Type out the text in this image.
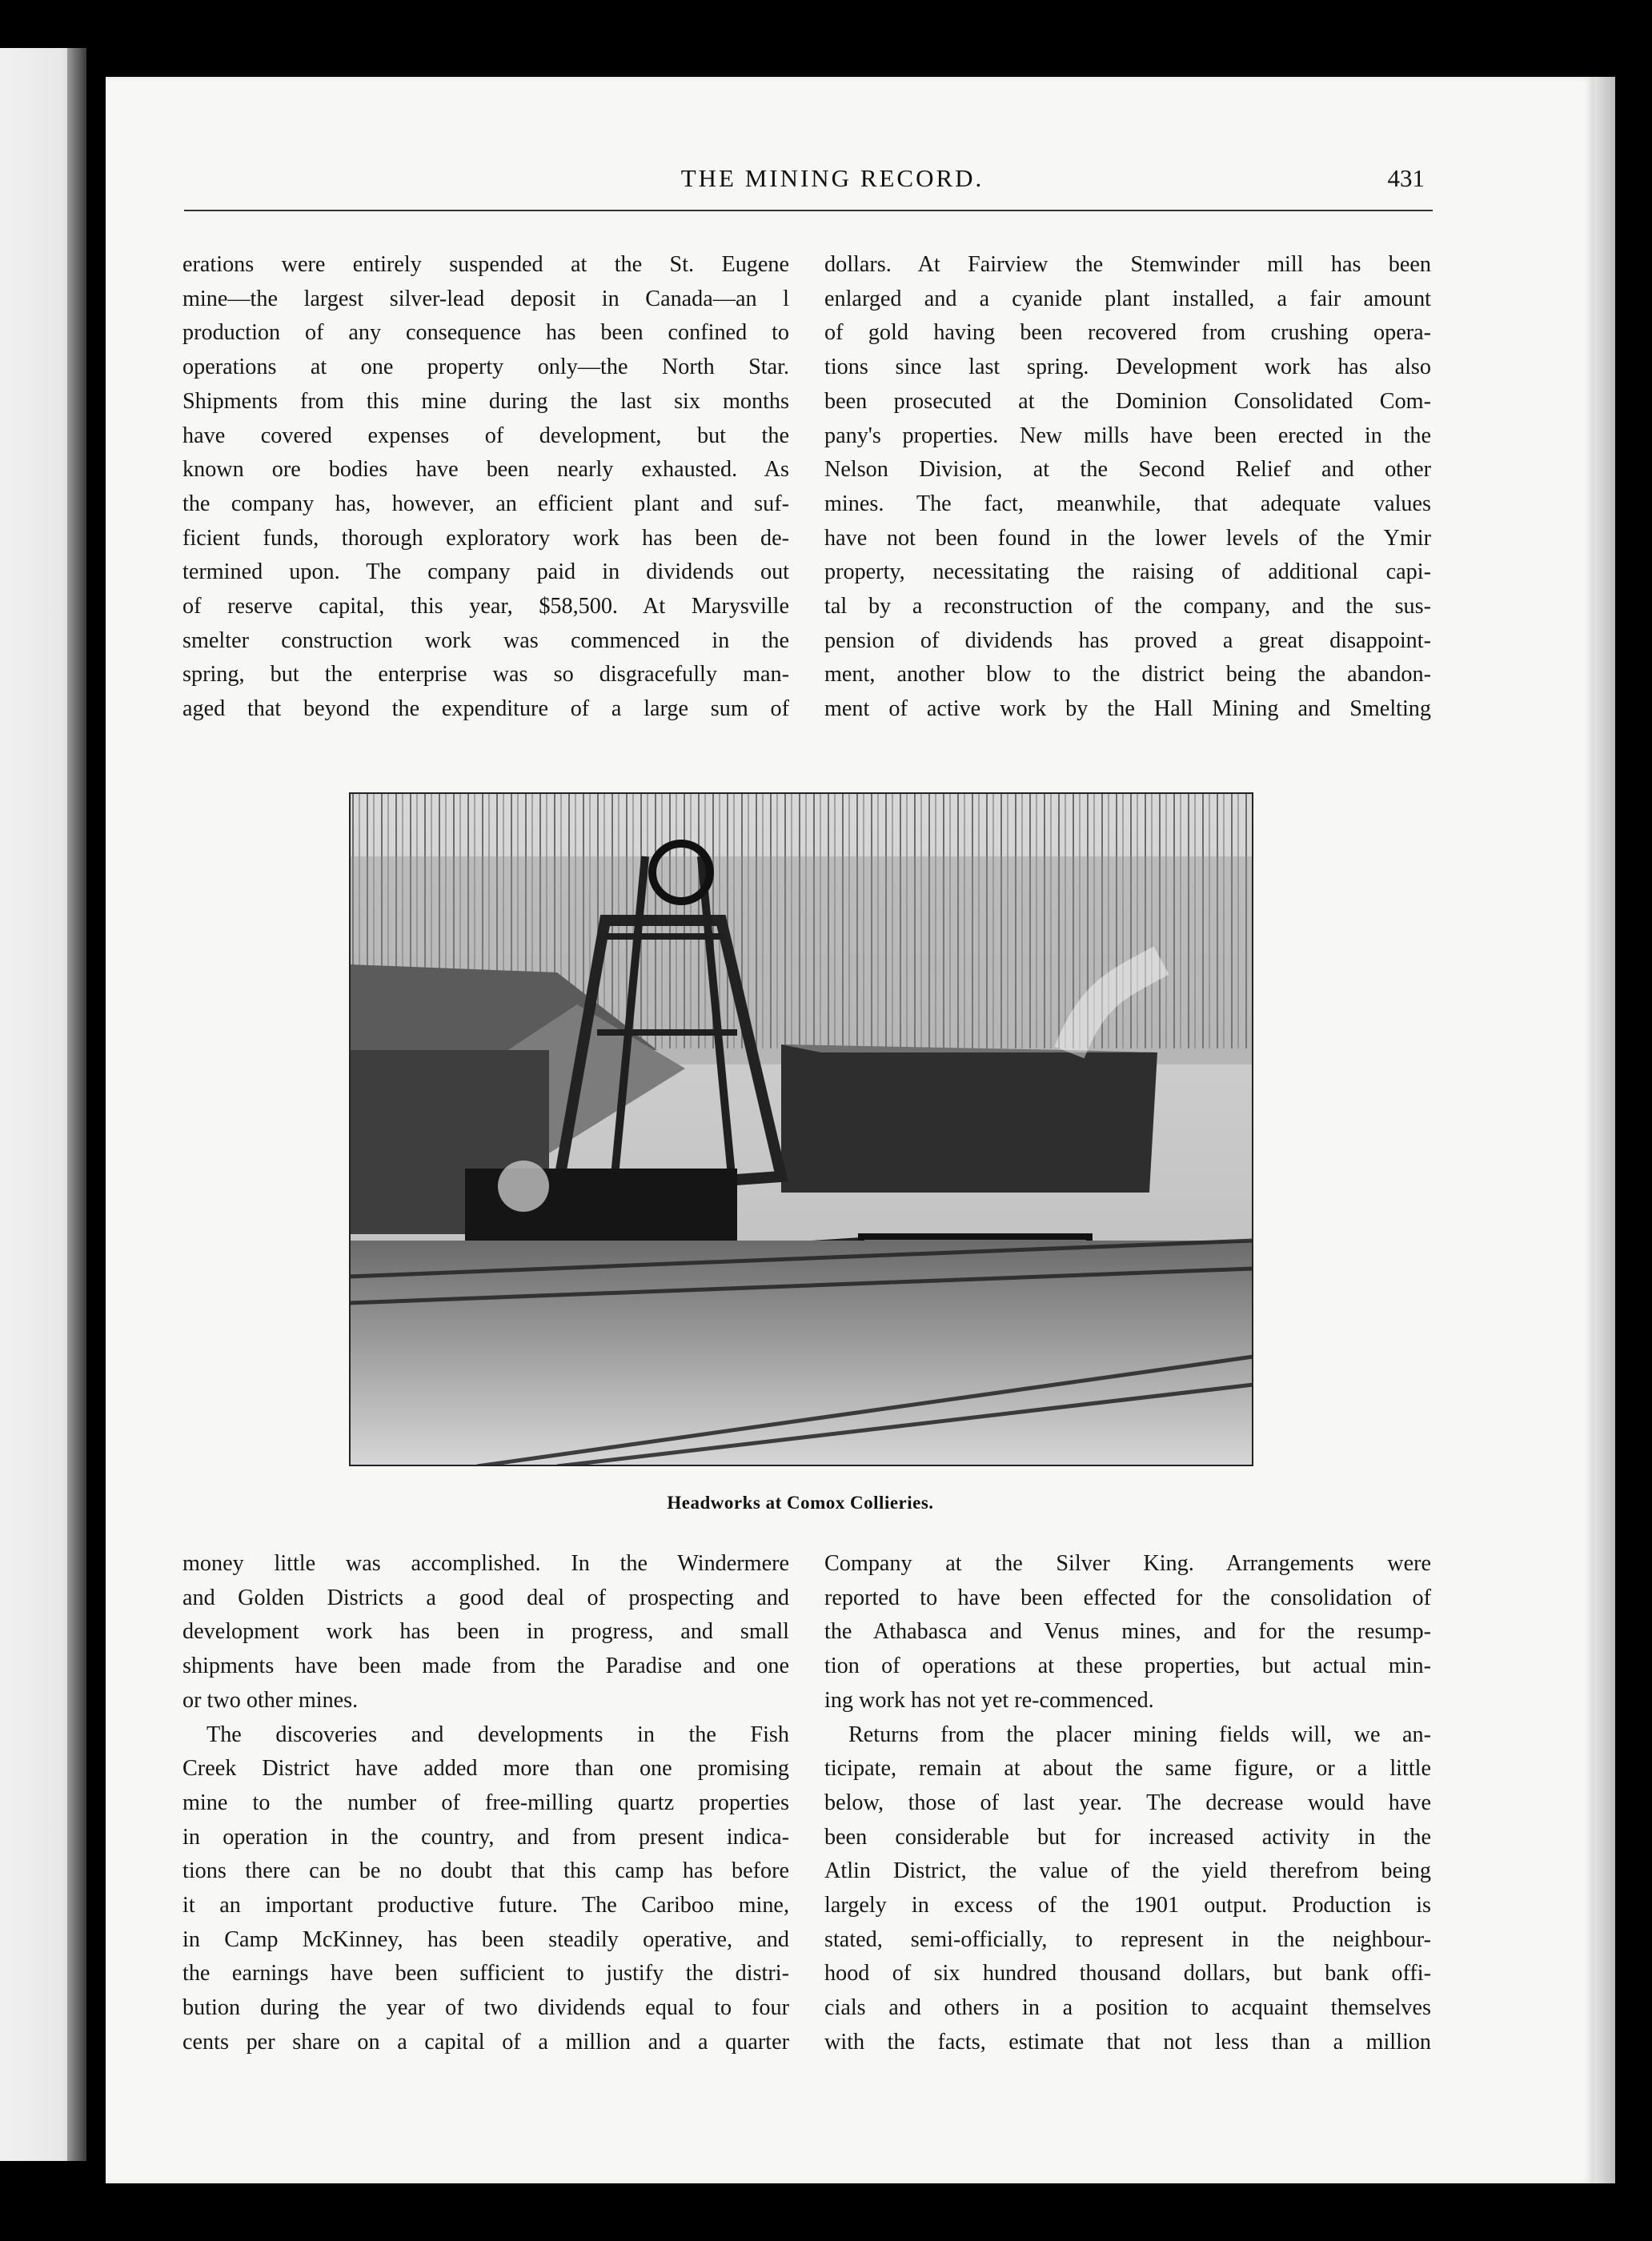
THE MINING RECORD.	431
erations were entirely suspended at the St. Eugene
mine—the largest silver-lead deposit in Canada—an l
production of any consequence has been confined to
operations at one property only—the North Star.
Shipments from this mine during the last six months
have covered expenses of development, but the
known ore bodies have been nearly exhausted. As
the company has, however, an efficient plant and suf-
ficient funds, thorough exploratory work has been de-
termined upon. The company paid in dividends out
of reserve capital, this year, $58,500. At Marysville
smelter construction work was commenced in the
spring, but the enterprise was so disgracefully man-
aged that beyond the expenditure of a large sum of
dollars. At Fairview the Stemwinder mill has been
enlarged and a cyanide plant installed, a fair amount
of gold having been recovered from crushing opera-
tions since last spring. Development work has also
been prosecuted at the Dominion Consolidated Com-
pany's properties. New mills have been erected in the
Nelson Division, at the Second Relief and other
mines. The fact, meanwhile, that adequate values
have not been found in the lower levels of the Ymir
property, necessitating the raising of additional capi-
tal by a reconstruction of the company, and the sus-
pension of dividends has proved a great disappoint-
ment, another blow to the district being the abandon-
ment of active work by the Hall Mining and Smelting
Headworks at Comox Collieries.
money little was accomplished. In the Windermere
and Golden Districts a good deal of prospecting and
development work has been in progress, and small
shipments have been made from the Paradise and one
or two other mines.
The discoveries and developments in the Fish
Creek District have added more than one promising
mine to the number of free-milling quartz properties
in operation in the country, and from present indica-
tions there can be no doubt that this camp has before
it an important productive future. The Cariboo mine,
in Camp McKinney, has been steadily operative, and
the earnings have been sufficient to justify the distri-
bution during the year of two dividends equal to four
cents per share on a capital of a million and a quarter
Company at the Silver King. Arrangements were
reported to have been effected for the consolidation of
the Athabasca and Venus mines, and for the resump-
tion of operations at these properties, but actual min-
ing work has not yet re-commenced.
Returns from the placer mining fields will, we an-
ticipate, remain at about the same figure, or a little
below, those of last year. The decrease would have
been considerable but for increased activity in the
Atlin District, the value of the yield therefrom being
largely in excess of the 1901 output. Production is
stated, semi-officially, to represent in the neighbour-
hood of six hundred thousand dollars, but bank offi-
cials and others in a position to acquaint themselves
with the facts, estimate that not less than a million
